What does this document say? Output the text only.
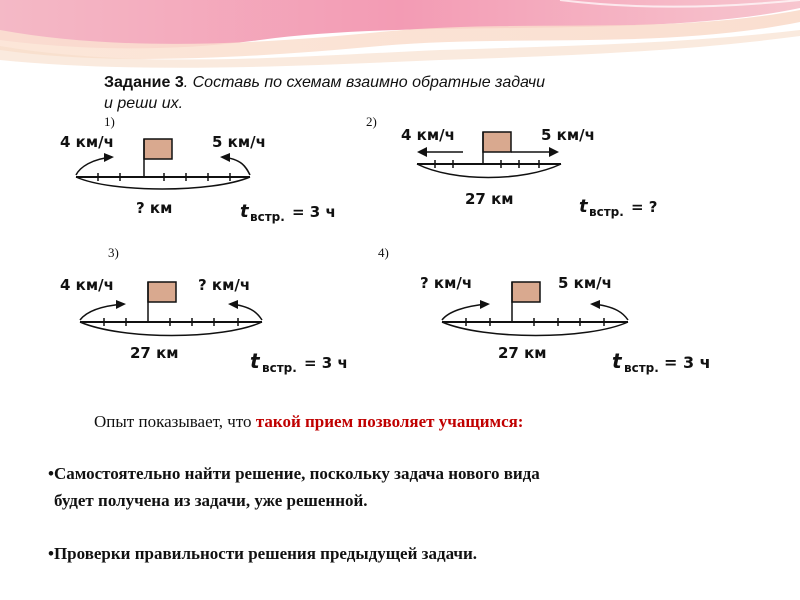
Задание 3. Составь по схемам взаимно обратные задачи
и реши их.
1)	2)
3)	4)
4 км/ч	5 км/ч
? км	t встр. = 3 ч
4 км/ч	5 км/ч
27 км	t встр. = ?
4 км/ч	? км/ч
27 км	t встр. = 3 ч
? км/ч	5 км/ч
27 км	t встр. = 3 ч
Опыт показывает, что такой прием позволяет учащимся:
•Самостоятельно найти решение, поскольку задача нового вида
будет получена из задачи, уже решенной.
•Проверки правильности решения предыдущей задачи.
